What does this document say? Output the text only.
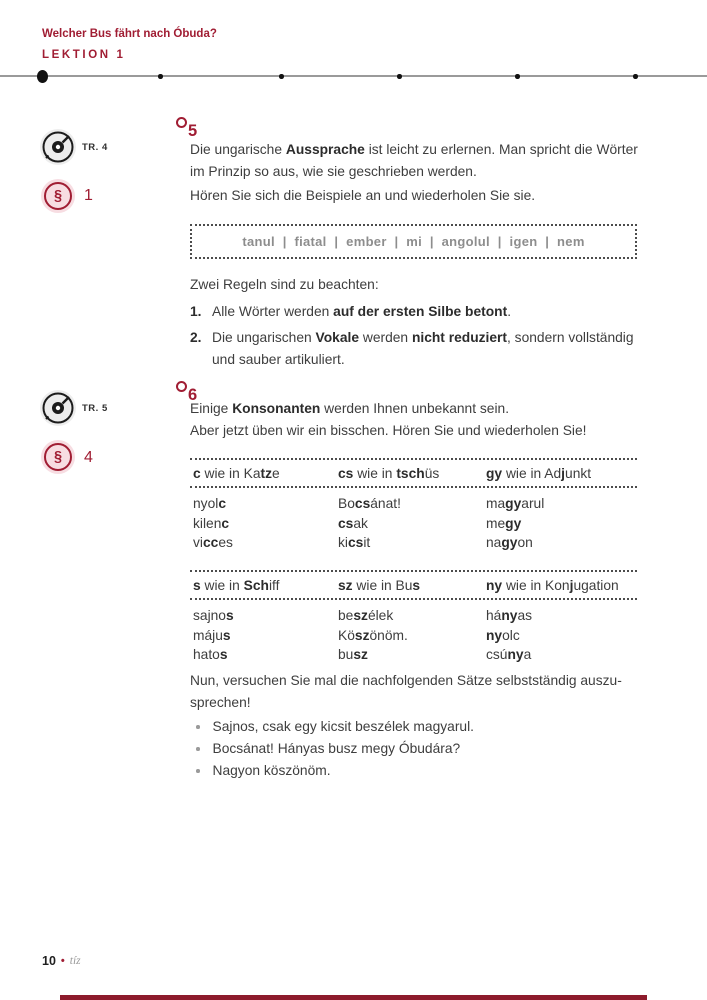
Welcher Bus fährt nach Óbuda?
LEKTION 1
TR. 4
§	1
TR. 5
§	4
5
Die ungarische Aussprache ist leicht zu erlernen. Man spricht die Wörter
im Prinzip so aus, wie sie geschrieben werden.
Hören Sie sich die Beispiele an und wiederholen Sie sie.
tanul  |  fiatal  |  ember  |  mi  |  angolul  |  igen  |  nem
Zwei Regeln sind zu beachten:
1. Alle Wörter werden auf der ersten Silbe betont.
2. Die ungarischen Vokale werden nicht reduziert, sondern vollständig und sauber artikuliert.
6
Einige Konsonanten werden Ihnen unbekannt sein.
Aber jetzt üben wir ein bisschen. Hören Sie und wiederholen Sie!
c wie in Katze	cs wie in tschüs	gy wie in Adjunkt
nyolc	Bocsánat!	magyarul
kilenc	csak	megy
vicces	kicsit	nagyon
s wie in Schiff	sz wie in Bus	ny wie in Konjugation
sajnos	beszélek	hányas
május	Köszönöm.	nyolc
hatos	busz	csúnya
Nun, versuchen Sie mal die nachfolgenden Sätze selbstständig auszu-
sprechen!
Sajnos, csak egy kicsit beszélek magyarul.
Bocsánat! Hányas busz megy Óbudára?
Nagyon köszönöm.
10 • tíz
